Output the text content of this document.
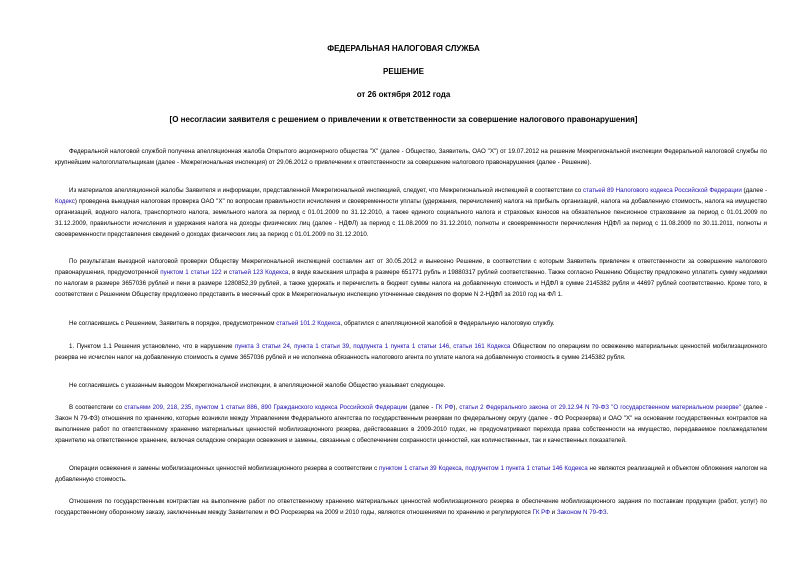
ФЕДЕРАЛЬНАЯ НАЛОГОВАЯ СЛУЖБА
РЕШЕНИЕ
от 26 октября 2012 года
[О несогласии заявителя с решением о привлечении к ответственности за совершение налогового правонарушения]

Федеральной налоговой службой получена апелляционная жалоба Открытого акционерного общества "X" (далее - Общество, Заявитель, ОАО "X") от 19.07.2012 на решение Межрегиональной инспекции Федеральной налоговой службы по крупнейшим налогоплательщикам (далее - Межрегиональная инспекция) от 29.06.2012 о привлечении к ответственности за совершение налогового правонарушения (далее - Решение).

Из материалов апелляционной жалобы Заявителя и информации, представленной Межрегиональной инспекцией, следует, что Межрегиональной инспекцией в соответствии со статьей 89 Налогового кодекса Российской Федерации (далее - Кодекс) проведена выездная налоговая проверка ОАО "X" по вопросам правильности исчисления и своевременности уплаты (удержания, перечисления) налога на прибыль организаций, налога на добавленную стоимость, налога на имущество организаций, водного налога, транспортного налога, земельного налога за период с 01.01.2009 по 31.12.2010, а также единого социального налога и страховых взносов на обязательное пенсионное страхование за период с 01.01.2009 по 31.12.2009, правильности исчисления и удержания налога на доходы физических лиц (далее - НДФЛ) за период с 11.08.2009 по 31.12.2010, полноты и своевременности перечисления НДФЛ за период с 11.08.2009 по 30.11.2011, полноты и своевременности представления сведений о доходах физических лиц за период с 01.01.2009 по 31.12.2010.

По результатам выездной налоговой проверки Обществу Межрегиональной инспекцией составлен акт от 30.05.2012 и вынесено Решение, в соответствии с которым Заявитель привлечен к ответственности за совершение налогового правонарушения, предусмотренной пунктом 1 статьи 122 и статьей 123 Кодекса, в виде взыскания штрафа в размере 651771 рубль и 19880317 рублей соответственно. Также согласно Решению Обществу предложено уплатить сумму недоимки по налогам в размере 3657036 рублей и пени в размере 1280852,39 рублей, а также удержать и перечислить в бюджет суммы налога на добавленную стоимость и НДФЛ в сумме 2145382 рубля и 44697 рублей соответственно. Кроме того, в соответствии с Решением Обществу предложено представить в месячный срок в Межрегиональную инспекцию уточненные сведения по форме N 2-НДФЛ за 2010 год на ФЛ 1.

Не согласившись с Решением, Заявитель в порядке, предусмотренном статьей 101.2 Кодекса, обратился с апелляционной жалобой в Федеральную налоговую службу.

1. Пунктом 1.1 Решения установлено, что в нарушение пункта 3 статьи 24, пункта 1 статьи 39, подпункта 1 пункта 1 статьи 146, статьи 161 Кодекса Обществом по операциям по освежению материальных ценностей мобилизационного резерва не исчислен налог на добавленную стоимость в сумме 3657036 рублей и не исполнена обязанность налогового агента по уплате налога на добавленную стоимость в сумме 2145382 рубля.

Не согласившись с указанным выводом Межрегиональной инспекции, в апелляционной жалобе Общество указывает следующее.

В соответствии со статьями 209, 218, 235, пунктом 1 статьи 886, 890 Гражданского кодекса Российской Федерации (далее - ГК РФ), статьи 2 Федерального закона от 29.12.94 N 79-ФЗ "О государственном материальном резерве" (далее - Закон N 79-ФЗ) отношения по хранению, которые возникли между Управлением Федерального агентства по государственным резервам по федеральному округу (далее - ФО Росрезерва) и ОАО "X" на основании государственных контрактов на выполнение работ по ответственному хранению материальных ценностей мобилизационного резерва, действовавших в 2009-2010 годах, не предусматривают перехода права собственности на имущество, передаваемое поклажедателем хранителю на ответственное хранение, включая складские операции освежения и замены, связанные с обеспечением сохранности ценностей, как количественных, так и качественных показателей.

Операции освежения и замены мобилизационных ценностей мобилизационного резерва в соответствии с пунктом 1 статьи 39 Кодекса, подпунктом 1 пункта 1 статьи 146 Кодекса не являются реализацией и объектом обложения налогом на добавленную стоимость.

Отношения по государственным контрактам на выполнение работ по ответственному хранению материальных ценностей мобилизационного резерва в обеспечение мобилизационного задания по поставкам продукции (работ, услуг) по государственному оборонному заказу, заключенным между Заявителем и ФО Росрезерва на 2009 и 2010 годы, являются отношениями по хранению и регулируются ГК РФ и Законом N 79-ФЗ.
